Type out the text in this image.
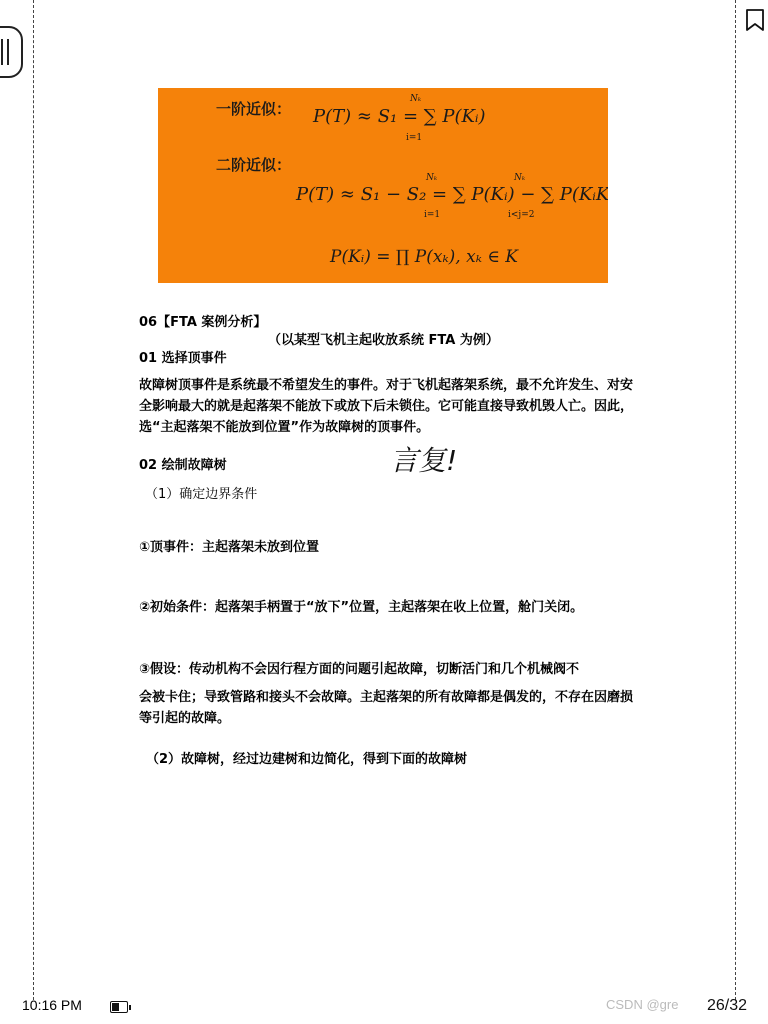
一阶近似： P(T) ≈ S₁ = ∑ P(Kᵢ)
Nₖ
i=1
二阶近似：
P(T) ≈ S₁ − S₂ = ∑ P(Kᵢ) − ∑ P(KᵢKⱼ)
Nₖ
i=1
Nₖ
i<j=2
P(Kᵢ) = ∏ P(xₖ), xₖ ∈ K
06【FTA 案例分析】
（以某型飞机主起收放系统 FTA 为例）
01 选择顶事件
故障树顶事件是系统最不希望发生的事件。对于飞机起落架系统，最不允许发生、对安全影响最大的就是起落架不能放下或放下后未锁住。它可能直接导致机毁人亡。因此，选“主起落架不能放到位置”作为故障树的顶事件。
言复!
02 绘制故障树
（1）确定边界条件
①顶事件：主起落架未放到位置
②初始条件：起落架手柄置于“放下”位置，主起落架在收上位置，舱门关闭。
③假设：传动机构不会因行程方面的问题引起故障，切断活门和几个机械阀不
会被卡住；导致管路和接头不会故障。主起落架的所有故障都是偶发的，不存在因磨损等引起的故障。
（2）故障树，经过边建树和边简化，得到下面的故障树
10:16 PM	CSDN @gre 26/32
